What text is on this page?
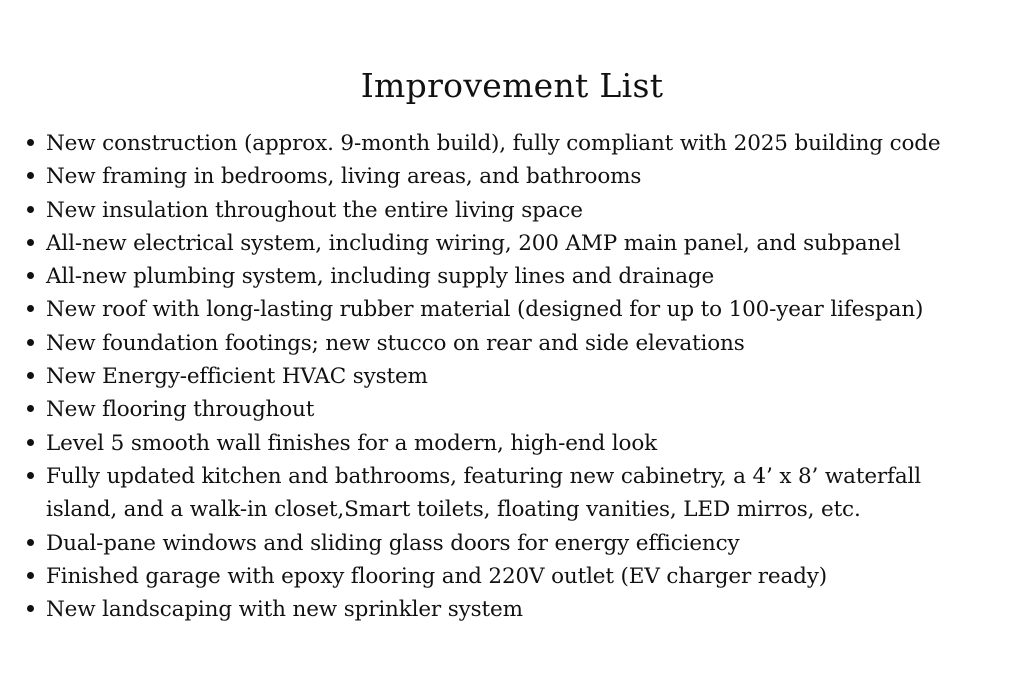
Improvement List
New construction (approx. 9-month build), fully compliant with 2025 building code
New framing in bedrooms, living areas, and bathrooms
New insulation throughout the entire living space
All-new electrical system, including wiring, 200 AMP main panel, and subpanel
All-new plumbing system, including supply lines and drainage
New roof with long-lasting rubber material (designed for up to 100-year lifespan)
New foundation footings; new stucco on rear and side elevations
New Energy-efficient HVAC system
New flooring throughout
Level 5 smooth wall finishes for a modern, high-end look
Fully updated kitchen and bathrooms, featuring new cabinetry, a 4’ x 8’ waterfall
island, and a walk-in closet,Smart toilets, floating vanities, LED mirros, etc.
Dual-pane windows and sliding glass doors for energy efficiency
Finished garage with epoxy flooring and 220V outlet (EV charger ready)
New landscaping with new sprinkler system
